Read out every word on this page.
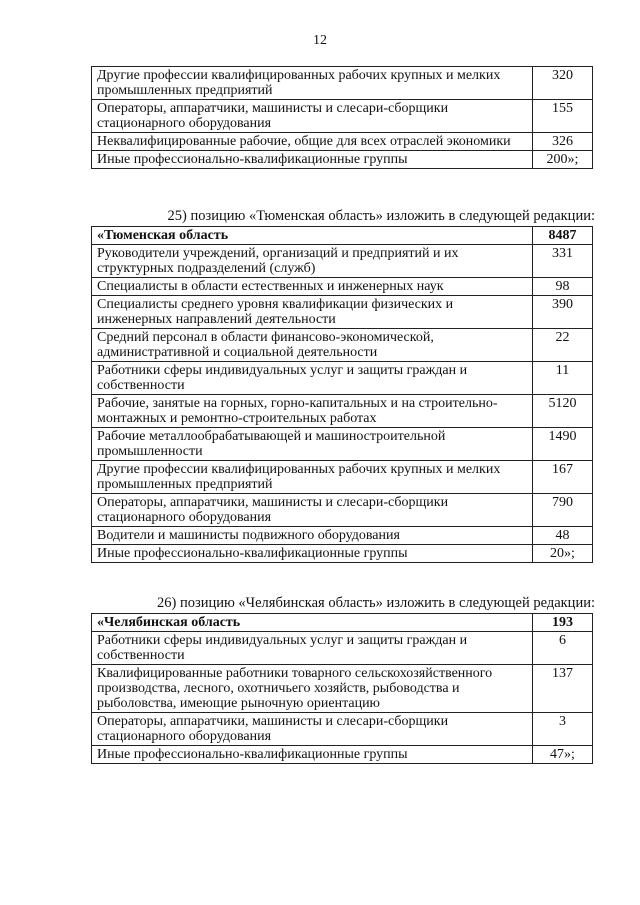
12
Другие профессии квалифицированных рабочих крупных и мелких промышленных предприятий	320
Операторы, аппаратчики, машинисты и слесари-сборщики стационарного оборудования	155
Неквалифицированные рабочие, общие для всех отраслей экономики	326
Иные профессионально-квалификационные группы	200»;
25) позицию «Тюменская область» изложить в следующей редакции:
«Тюменская область	8487
Руководители учреждений, организаций и предприятий и их структурных подразделений (служб)	331
Специалисты в области естественных и инженерных наук	98
Специалисты среднего уровня квалификации физических и инженерных направлений деятельности	390
Средний персонал в области финансово-экономической, административной и социальной деятельности	22
Работники сферы индивидуальных услуг и защиты граждан и собственности	11
Рабочие, занятые на горных, горно-капитальных и на строительно-монтажных и ремонтно-строительных работах	5120
Рабочие металлообрабатывающей и машиностроительной промышленности	1490
Другие профессии квалифицированных рабочих крупных и мелких промышленных предприятий	167
Операторы, аппаратчики, машинисты и слесари-сборщики стационарного оборудования	790
Водители и машинисты подвижного оборудования	48
Иные профессионально-квалификационные группы	20»;
26) позицию «Челябинская область» изложить в следующей редакции:
«Челябинская область	193
Работники сферы индивидуальных услуг и защиты граждан и собственности	6
Квалифицированные работники товарного сельскохозяйственного производства, лесного, охотничьего хозяйств, рыбоводства и рыболовства, имеющие рыночную ориентацию	137
Операторы, аппаратчики, машинисты и слесари-сборщики стационарного оборудования	3
Иные профессионально-квалификационные группы	47»;
